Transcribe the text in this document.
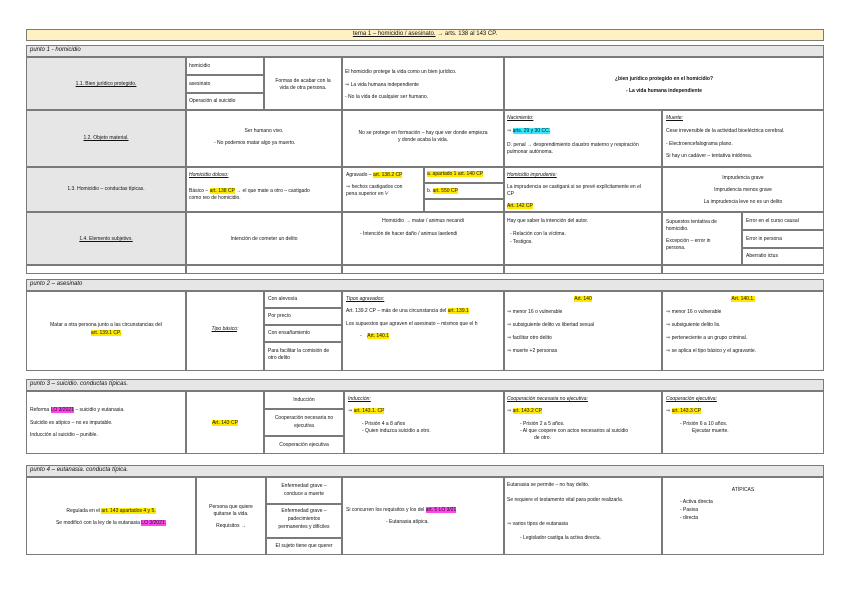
tema 1 – homicidio / asesinato. → arts. 138 al 143 CP.
punto 1 - homicidio
1.1. Bien jurídico protegido.
homicidio
asesinato
Operación al suicidio
Formas de acabar con la
vida de otra persona.
El homicidio protege la vida como un bien jurídico.
⇒ La vida humana independiente
- No la vida de cualquier ser humano.
¿bien jurídico protegido en el homicidio?
- La vida humana independiente
1.2. Objeto material.
Ser humano vivo.
- No podemos matar algo ya muerto.
No se protege en formación – hay que ver donde empieza
y donde acaba la vida.
Nacimiento:
⇒ arts. 29 y 30 CC.
D. penal → desprendimiento claustro materno y respiración
pulmonar autónoma.
Muerte:
Cese irreversible de la actividad bioeléctrica cerebral.
- Electroencefalograma plano.
Si hay un cadáver – tentativa inidónea.
1.3. Homicidio – conductas típicas.
Homicidio doloso:
Básico – art. 138 CP → el que mate a otro – castigado
como reo de homicidio.
Agravado – art. 138.2 CP
⇒ hechos castigados con
pena superior en ⅟
a. apartado 1 art. 140 CP
b. art. 550 CP
Homicidio imprudente:
La imprudencia se castigará si se prevé explícitamente en el
CP
Art. 142 CP
Imprudencia grave
Imprudencia menos grave
La imprudencia leve no es un delito
1.4. Elemento subjetivo.	Intención de cometer un delito
Homicidio → matar / animus necandi
- Intención de hacer daño / animus laedendi
Hay que saber la intención del autor.
- Relación con la víctima.
- Testigos.
Supuestos tentativa de
homicidio.
Excepción – error in
persona.
Error en el curso causal
Error in persona
Aberratio ictus
punto 2 – asesinato
Matar a otra persona junto a las circunstancias del
art. 139.1 CP.
Tipo básico:
Con alevosía
Por precio
Con ensañamiento
Para facilitar la comisión de
otro delito
Tipos agravados:
Art. 139.2 CP – más de una circunstancia del art. 139.1
Los supuestos que agraven el asesinato – mismos que el h
-    Art. 140.1
Art. 140
⇒ menor 16 o vulnerable
⇒ subsiguiente delito vs libertad sexual
⇒ facilitar otro delito
⇒ muerte +2 personas
Art. 140.1.
⇒ menor 16 o vulnerable
⇒ subsiguiente delito lis.
⇒ perteneciente a un grupo criminal.
⇒ se aplica el tipo básico y el agravante.
punto 3 – suicidio. conductas típicas.
Reforma LO 3/2021 – suicidio y eutanasia.
Suicidio es atípico – no es imputable.
Inducción al suicidio – punible.
Art. 143 CP
Inducción
Cooperación necesaria no
ejecutiva
Cooperación ejecutiva
Inducción:
⇒ art. 143.1. CP
- Prisión 4 a 8 años
- Quien induzca suicidio a otro.
Cooperación necesaria no ejecutiva:
⇒ art. 143.2 CP
- Prisión 2 a 5 años.
- Al que coopere con actos necesarios al suicidio
de otro.
Cooperación ejecutiva:
⇒ art. 143.3 CP
- Prisión 6 a 10 años.
Ejecutar muerte.
punto 4 – eutanasia. conducta típica.
Regulada en el art. 143 apartados 4 y 5.
Se modificó con la ley de la eutanasia LO 3/2021.
Persona que quiere
quitarse la vida.
Requisitos →
Enfermedad grave –
conduce a muerte
Enfermedad grave –
padecimientos
permanentes y difíciles
El sujeto tiene que querer
Si concurren los requisitos y los del art. 5 LO 3/21
- Eutanasia atípica.
Eutanasia se permite – no hay delito.
Se requiere el testamento vital para poder realizarla.
⇒ varios tipos de eutanasia
- Legislador castiga la activa directa.
ATÍPICAS
- Activa directa
- Pasiva
- directa
